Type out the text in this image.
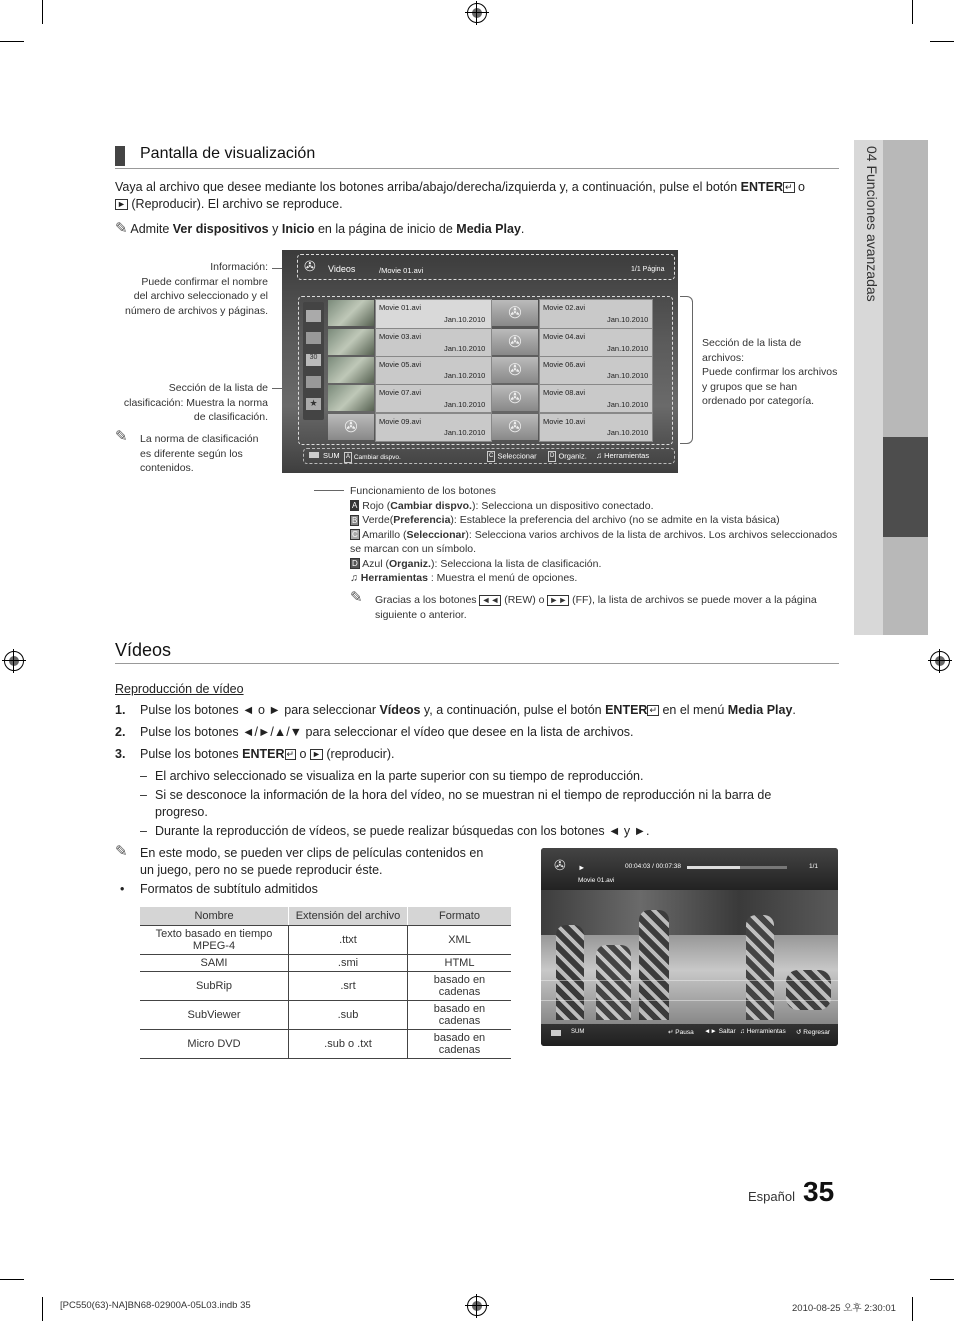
04 Funciones avanzadas
Pantalla de visualización
Vaya al archivo que desee mediante los botones arriba/abajo/derecha/izquierda y, a continuación, pulse el botón ENTER ↵ o
► (Reproducir). El archivo se reproduce.
✎ Admite Ver dispositivos y Inicio en la página de inicio de Media Play.
Información:
Puede confirmar el nombre
del archivo seleccionado y el
número de archivos y páginas.
Sección de la lista de
clasificación: Muestra la norma
de clasificación.
✎ La norma de clasificación
es diferente según los
contenidos.
Sección de la lista de
archivos:
Puede confirmar los archivos
y grupos que se han
ordenado por categoría.
✇ Videos	/Movie 01.avi	1/1 Página
30
★
Movie 01.avi
Jan.10.2010	✇	Movie 02.avi
Jan.10.2010
Movie 03.avi
Jan.10.2010	✇	Movie 04.avi
Jan.10.2010
Movie 05.avi
Jan.10.2010	✇	Movie 06.avi
Jan.10.2010
Movie 07.avi
Jan.10.2010	✇	Movie 08.avi
Jan.10.2010
✇	Movie 09.avi
Jan.10.2010	✇	Movie 10.avi
Jan.10.2010
SUM	A Cambiar dispvo.	C Seleccionar	D Organiz. ♫ Herramientas
Funcionamiento de los botones
A Rojo (Cambiar dispvo.): Selecciona un dispositivo conectado.
B Verde(Preferencia): Establece la preferencia del archivo (no se admite en la vista básica)
C Amarillo (Seleccionar): Selecciona varios archivos de la lista de archivos. Los archivos seleccionados
se marcan con un símbolo.
D Azul (Organiz.): Selecciona la lista de clasificación.
♫ Herramientas : Muestra el menú de opciones.
✎	Gracias a los botones ◄◄ (REW) o ►► (FF), la lista de archivos se puede mover a la página
siguiente o anterior.
Vídeos
Reproducción de vídeo
1.	Pulse los botones ◄ o ► para seleccionar Vídeos y, a continuación, pulse el botón ENTER ↵ en el menú Media Play.
2.	Pulse los botones ◄/►/▲/▼ para seleccionar el vídeo que desee en la lista de archivos.
3.	Pulse los botones ENTER ↵ o ► (reproducir).
– El archivo seleccionado se visualiza en la parte superior con su tiempo de reproducción.
– Si se desconoce la información de la hora del vídeo, no se muestran ni el tiempo de reproducción ni la barra de
progreso.
– Durante la reproducción de vídeos, se puede realizar búsquedas con los botones ◄ y ►.
✎ En este modo, se pueden ver clips de películas contenidos en
un juego, pero no se puede reproducir éste.
• Formatos de subtítulo admitidos
Nombre	Extensión del archivo	Formato
Texto basado en tiempo MPEG-4	.ttxt	XML
SAMI	.smi	HTML
SubRip	.srt	basado en cadenas
SubViewer	.sub	basado en cadenas
Micro DVD	.sub o .txt	basado en cadenas
✇ ►	00:04:03 / 00:07:38	1/1
Movie 01.avi
SUM	↵ Pausa ◄► Saltar ♫ Herramientas ↺ Regresar
Español 35
[PC550(63)-NA]BN68-02900A-05L03.indb 35	2010-08-25 오후 2:30:01
